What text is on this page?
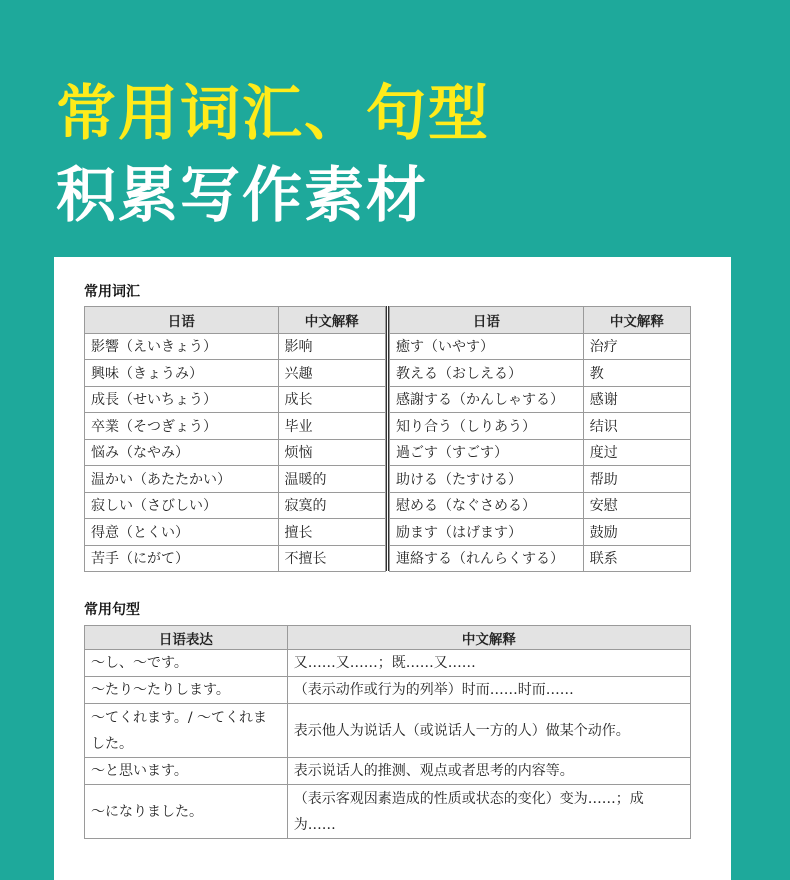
常用词汇、句型
积累写作素材
常用词汇
日语	中文解释
影響（えいきょう）	影响
興味（きょうみ）	兴趣
成長（せいちょう）	成长
卒業（そつぎょう）	毕业
悩み（なやみ）	烦恼
温かい（あたたかい）	温暖的
寂しい（さびしい）	寂寞的
得意（とくい）	擅长
苦手（にがて）	不擅长
日语	中文解释
癒す（いやす）	治疗
教える（おしえる）	教
感謝する（かんしゃする）	感谢
知り合う（しりあう）	结识
過ごす（すごす）	度过
助ける（たすける）	帮助
慰める（なぐさめる）	安慰
励ます（はげます）	鼓励
連絡する（れんらくする）	联系
常用句型
日语表达	中文解释
～し、～です。	又……又……；既……又……
～たり～たりします。	（表示动作或行为的列举）时而……时而……
～てくれます。/ ～てくれました。	表示他人为说话人（或说话人一方的人）做某个动作。
～と思います。	表示说话人的推测、观点或者思考的内容等。
～になりました。	（表示客观因素造成的性质或状态的变化）变为……；成为……
